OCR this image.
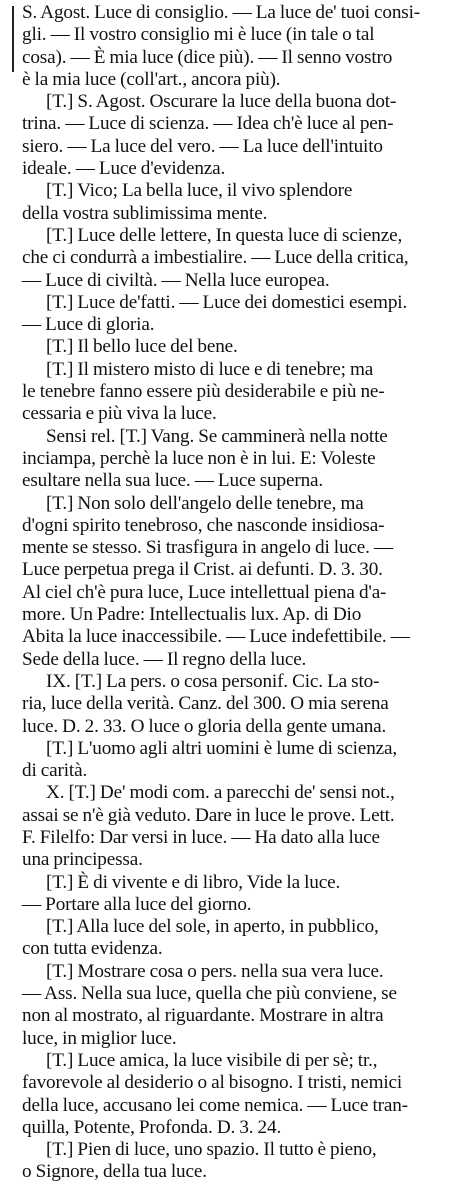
S. Agost. Luce di consiglio. — La luce de' tuoi consi-
gli. — Il vostro consiglio mi è luce (in tale o tal
cosa). — È mia luce (dice più). — Il senno vostro
è la mia luce (coll'art., ancora più).

[T.] S. Agost. Oscurare la luce della buona dot-
trina. — Luce di scienza. — Idea ch'è luce al pen-
siero. — La luce del vero. — La luce dell'intuito
ideale. — Luce d'evidenza.

[T.] Vico; La bella luce, il vivo splendore
della vostra sublimissima mente.

[T.] Luce delle lettere, In questa luce di scienze,
che ci condurrà a imbestialire. — Luce della critica,
— Luce di civiltà. — Nella luce europea.

[T.] Luce de'fatti. — Luce dei domestici esempi.
— Luce di gloria.

[T.] Il bello luce del bene.

[T.] Il mistero misto di luce e di tenebre; ma
le tenebre fanno essere più desiderabile e più ne-
cessaria e più viva la luce.

Sensi rel. [T.] Vang. Se camminerà nella notte
inciampa, perchè la luce non è in lui. E: Voleste
esultare nella sua luce. — Luce superna.

[T.] Non solo dell'angelo delle tenebre, ma
d'ogni spirito tenebroso, che nasconde insidiosa-
mente se stesso. Si trasfigura in angelo di luce. —
Luce perpetua prega il Crist. ai defunti. D. 3. 30.
Al ciel ch'è pura luce, Luce intellettual piena d'a-
more. Un Padre: Intellectualis lux. Ap. di Dio
Abita la luce inaccessibile. — Luce indefettibile. —
Sede della luce. — Il regno della luce.

IX. [T.] La pers. o cosa personif. Cic. La sto-
ria, luce della verità. Canz. del 300. O mia serena
luce. D. 2. 33. O luce o gloria della gente umana.

[T.] L'uomo agli altri uomini è lume di scienza,
di carità.

X. [T.] De' modi com. a parecchi de' sensi not.,
assai se n'è già veduto. Dare in luce le prove. Lett.
F. Filelfo: Dar versi in luce. — Ha dato alla luce
una principessa.

[T.] È di vivente e di libro, Vide la luce.
— Portare alla luce del giorno.

[T.] Alla luce del sole, in aperto, in pubblico,
con tutta evidenza.

[T.] Mostrare cosa o pers. nella sua vera luce.
— Ass. Nella sua luce, quella che più conviene, se
non al mostrato, al riguardante. Mostrare in altra
luce, in miglior luce.

[T.] Luce amica, la luce visibile di per sè; tr.,
favorevole al desiderio o al bisogno. I tristi, nemici
della luce, accusano lei come nemica. — Luce tran-
quilla, Potente, Profonda. D. 3. 24.

[T.] Pien di luce, uno spazio. Il tutto è pieno,
o Signore, della tua luce.
